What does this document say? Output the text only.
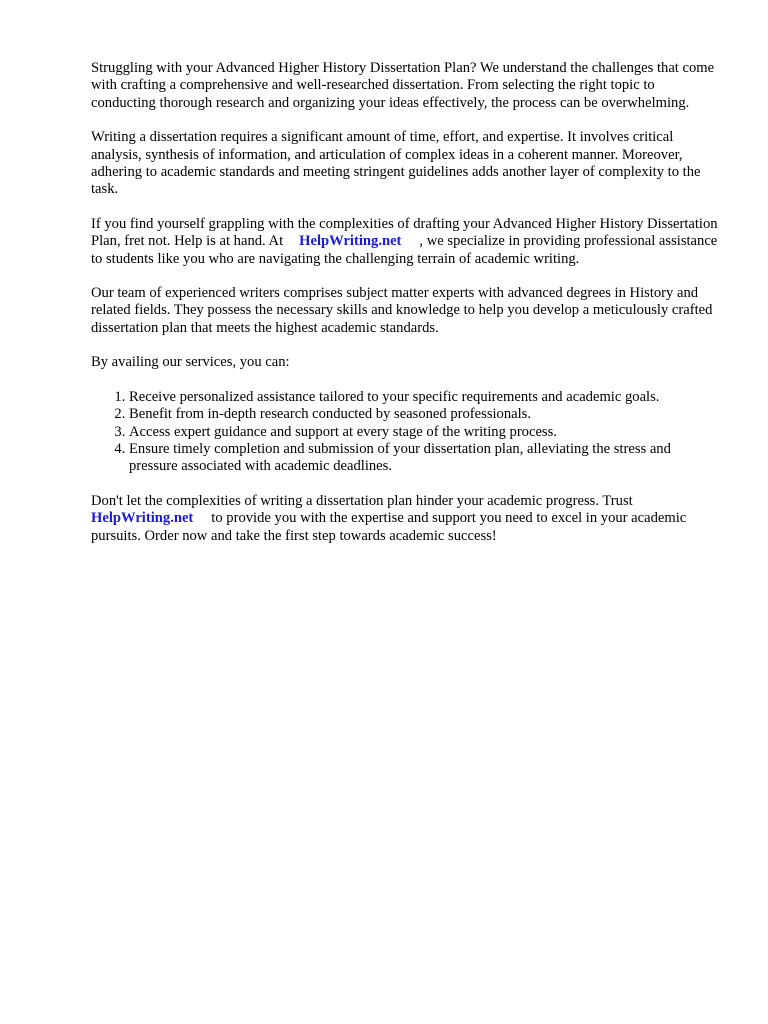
Struggling with your Advanced Higher History Dissertation Plan? We understand the challenges that come with crafting a comprehensive and well-researched dissertation. From selecting the right topic to conducting thorough research and organizing your ideas effectively, the process can be overwhelming.

Writing a dissertation requires a significant amount of time, effort, and expertise. It involves critical analysis, synthesis of information, and articulation of complex ideas in a coherent manner. Moreover, adhering to academic standards and meeting stringent guidelines adds another layer of complexity to the task.

If you find yourself grappling with the complexities of drafting your Advanced Higher History Dissertation Plan, fret not. Help is at hand. At HelpWriting.net , we specialize in providing professional assistance to students like you who are navigating the challenging terrain of academic writing.

Our team of experienced writers comprises subject matter experts with advanced degrees in History and related fields. They possess the necessary skills and knowledge to help you develop a meticulously crafted dissertation plan that meets the highest academic standards.

By availing our services, you can:

1. Receive personalized assistance tailored to your specific requirements and academic goals.
2. Benefit from in-depth research conducted by seasoned professionals.
3. Access expert guidance and support at every stage of the writing process.
4. Ensure timely completion and submission of your dissertation plan, alleviating the stress and pressure associated with academic deadlines.

Don't let the complexities of writing a dissertation plan hinder your academic progress. Trust HelpWriting.net to provide you with the expertise and support you need to excel in your academic pursuits. Order now and take the first step towards academic success!
